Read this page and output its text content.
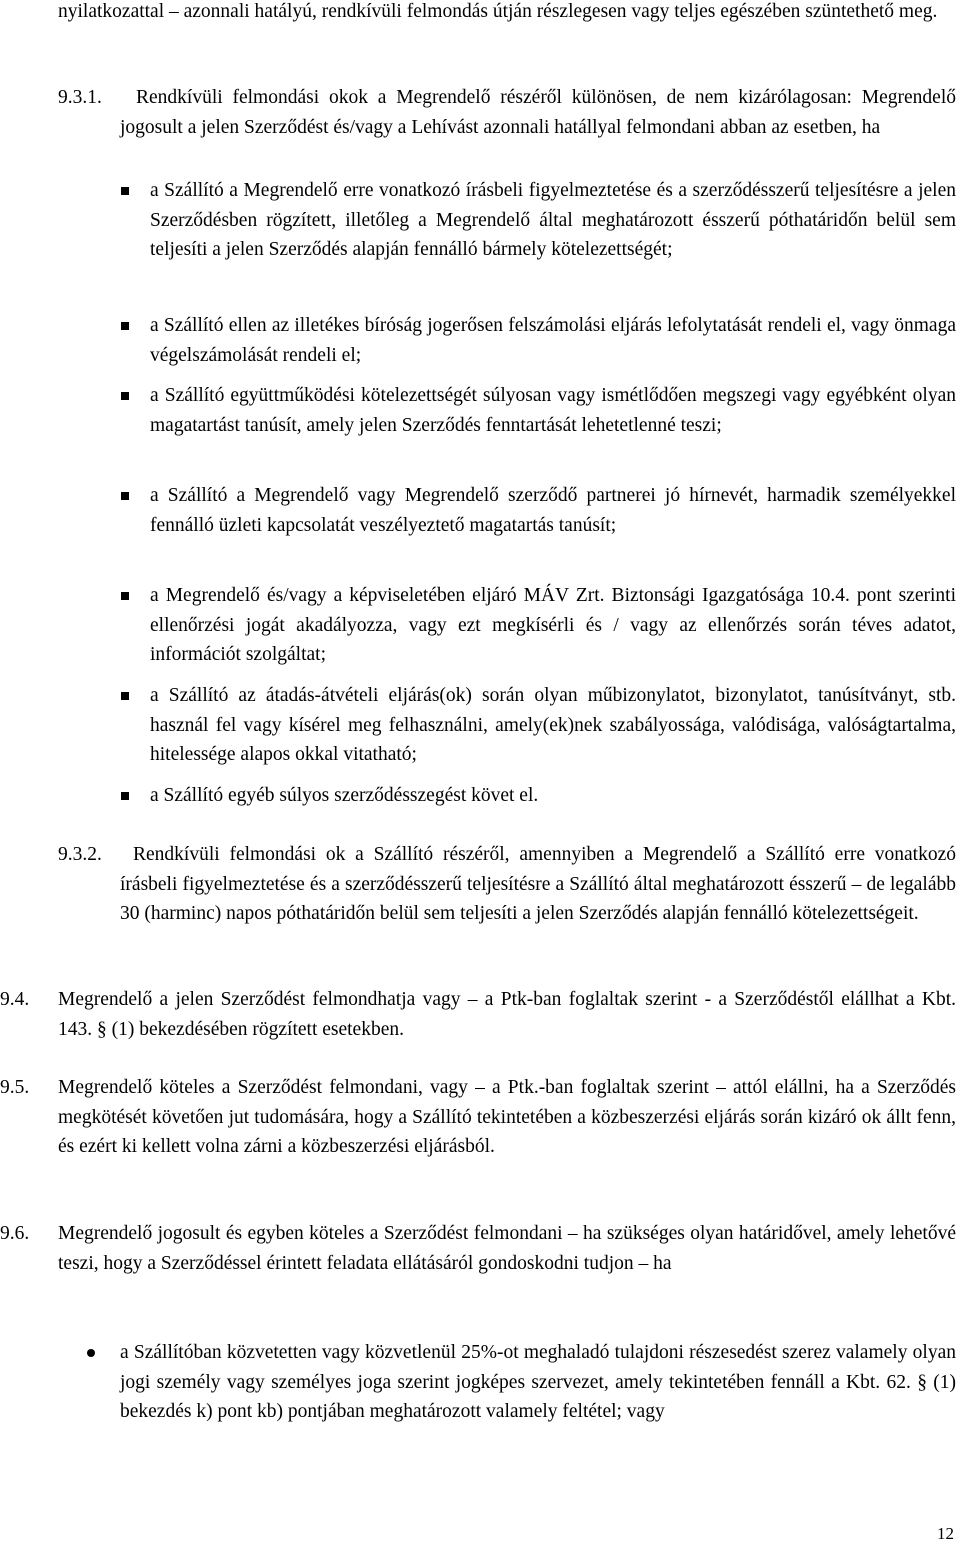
nyilatkozattal – azonnali hatályú, rendkívüli felmondás útján részlegesen vagy teljes egészében szüntethető meg.

9.3.1.	Rendkívüli felmondási okok a Megrendelő részéről különösen, de nem kizárólagosan: Megrendelő jogosult a jelen Szerződést és/vagy a Lehívást azonnali hatállyal felmondani abban az esetben, ha

a Szállító a Megrendelő erre vonatkozó írásbeli figyelmeztetése és a szerződésszerű teljesítésre a jelen Szerződésben rögzített, illetőleg a Megrendelő által meghatározott ésszerű póthatáridőn belül sem teljesíti a jelen Szerződés alapján fennálló bármely kötelezettségét;

a Szállító ellen az illetékes bíróság jogerősen felszámolási eljárás lefolytatását rendeli el, vagy önmaga végelszámolását rendeli el;

a Szállító együttműködési kötelezettségét súlyosan vagy ismétlődően megszegi vagy egyébként olyan magatartást tanúsít, amely jelen Szerződés fenntartását lehetetlenné teszi;

a Szállító a Megrendelő vagy Megrendelő szerződő partnerei jó hírnevét, harmadik személyekkel fennálló üzleti kapcsolatát veszélyeztető magatartás tanúsít;

a Megrendelő és/vagy a képviseletében eljáró MÁV Zrt. Biztonsági Igazgatósága 10.4. pont szerinti ellenőrzési jogát akadályozza, vagy ezt megkísérli és / vagy az ellenőrzés során téves adatot, információt szolgáltat;

a Szállító az átadás-átvételi eljárás(ok) során olyan műbizonylatot, bizonylatot, tanúsítványt, stb. használ fel vagy kísérel meg felhasználni, amely(ek)nek szabályossága, valódisága, valóságtartalma, hitelessége alapos okkal vitatható;

a Szállító egyéb súlyos szerződésszegést követ el.

9.3.2.	Rendkívüli felmondási ok a Szállító részéről, amennyiben a Megrendelő a Szállító erre vonatkozó írásbeli figyelmeztetése és a szerződésszerű teljesítésre a Szállító által meghatározott ésszerű – de legalább 30 (harminc) napos póthatáridőn belül sem teljesíti a jelen Szerződés alapján fennálló kötelezettségeit.

9.4. Megrendelő a jelen Szerződést felmondhatja vagy – a Ptk-ban foglaltak szerint - a Szerződéstől elállhat a Kbt. 143. § (1) bekezdésében rögzített esetekben.

9.5. Megrendelő köteles a Szerződést felmondani, vagy – a Ptk.-ban foglaltak szerint – attól elállni, ha a Szerződés megkötését követően jut tudomására, hogy a Szállító tekintetében a közbeszerzési eljárás során kizáró ok állt fenn, és ezért ki kellett volna zárni a közbeszerzési eljárásból.

9.6. Megrendelő jogosult és egyben köteles a Szerződést felmondani – ha szükséges olyan határidővel, amely lehetővé teszi, hogy a Szerződéssel érintett feladata ellátásáról gondoskodni tudjon – ha

a Szállítóban közvetetten vagy közvetlenül 25%-ot meghaladó tulajdoni részesedést szerez valamely olyan jogi személy vagy személyes joga szerint jogképes szervezet, amely tekintetében fennáll a Kbt. 62. § (1) bekezdés k) pont kb) pontjában meghatározott valamely feltétel; vagy

12
